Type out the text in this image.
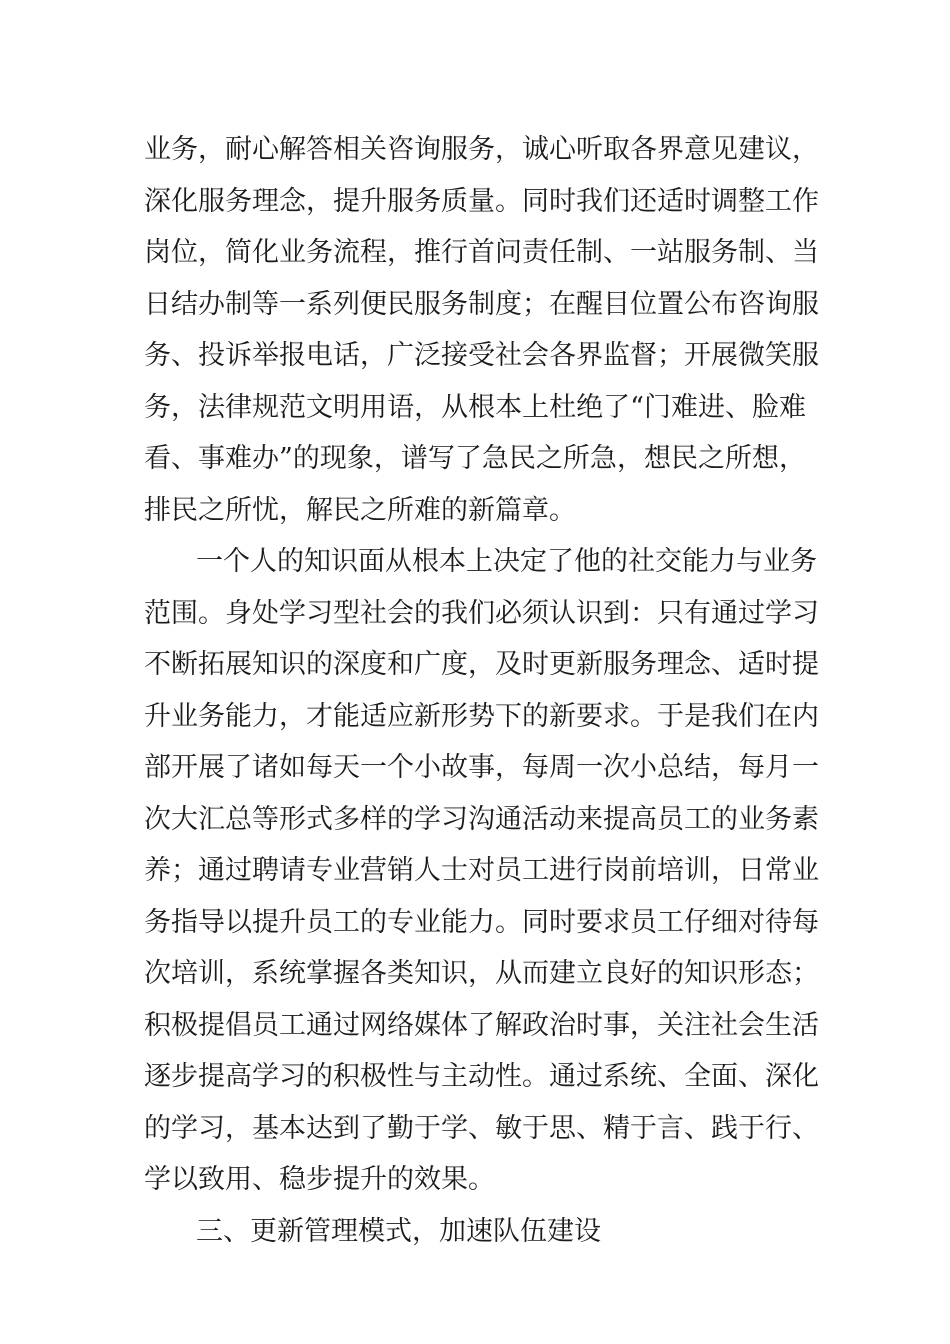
业务，耐心解答相关咨询服务，诚心听取各界意见建议，
深化服务理念，提升服务质量。同时我们还适时调整工作
岗位，简化业务流程，推行首问责任制、一站服务制、当
日结办制等一系列便民服务制度；在醒目位置公布咨询服
务、投诉举报电话，广泛接受社会各界监督；开展微笑服
务，法律规范文明用语，从根本上杜绝了“门难进、脸难
看、事难办”的现象，谱写了急民之所急，想民之所想，
排民之所忧，解民之所难的新篇章。
一个人的知识面从根本上决定了他的社交能力与业务
范围。身处学习型社会的我们必须认识到：只有通过学习
不断拓展知识的深度和广度，及时更新服务理念、适时提
升业务能力，才能适应新形势下的新要求。于是我们在内
部开展了诸如每天一个小故事，每周一次小总结，每月一
次大汇总等形式多样的学习沟通活动来提高员工的业务素
养；通过聘请专业营销人士对员工进行岗前培训，日常业
务指导以提升员工的专业能力。同时要求员工仔细对待每
次培训，系统掌握各类知识，从而建立良好的知识形态；
积极提倡员工通过网络媒体了解政治时事，关注社会生活
逐步提高学习的积极性与主动性。通过系统、全面、深化
的学习，基本达到了勤于学、敏于思、精于言、践于行、
学以致用、稳步提升的效果。
三、更新管理模式，加速队伍建设
